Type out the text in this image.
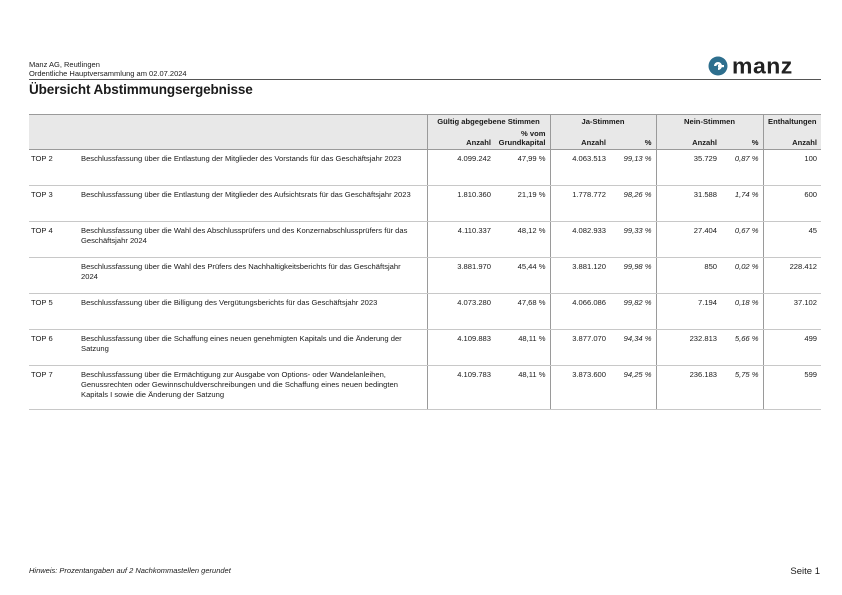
Manz AG, Reutlingen
Ordentliche Hauptversammlung am 02.07.2024	manz
Übersicht Abstimmungsergebnisse
		Gültig abgegebene Stimmen		Ja-Stimmen		Nein-Stimmen		Enthaltungen
		Anzahl	% vom Grundkapital	Anzahl	%	Anzahl	%	Anzahl
TOP 2	Beschlussfassung über die Entlastung der Mitglieder des Vorstands für das Geschäftsjahr 2023	4.099.242	47,99 %	4.063.513	99,13 %	35.729	0,87 %	100
TOP 3	Beschlussfassung über die Entlastung der Mitglieder des Aufsichtsrats für das Geschäftsjahr 2023	1.810.360	21,19 %	1.778.772	98,26 %	31.588	1,74 %	600
TOP 4	Beschlussfassung über die Wahl des Abschlussprüfers und des Konzernabschlussprüfers für das Geschäftsjahr 2024	4.110.337	48,12 %	4.082.933	99,33 %	27.404	0,67 %	45
	Beschlussfassung über die Wahl des Prüfers des Nachhaltigkeitsberichts für das Geschäftsjahr 2024	3.881.970	45,44 %	3.881.120	99,98 %	850	0,02 %	228.412
TOP 5	Beschlussfassung über die Billigung des Vergütungsberichts für das Geschäftsjahr 2023	4.073.280	47,68 %	4.066.086	99,82 %	7.194	0,18 %	37.102
TOP 6	Beschlussfassung über die Schaffung eines neuen genehmigten Kapitals und die Änderung der Satzung	4.109.883	48,11 %	3.877.070	94,34 %	232.813	5,66 %	499
TOP 7	Beschlussfassung über die Ermächtigung zur Ausgabe von Options- oder Wandelanleihen, Genussrechten oder Gewinnschuldverschreibungen und die Schaffung eines neuen bedingten Kapitals I sowie die Änderung der Satzung	4.109.783	48,11 %	3.873.600	94,25 %	236.183	5,75 %	599
Hinweis: Prozentangaben auf 2 Nachkommastellen gerundet	Seite 1
